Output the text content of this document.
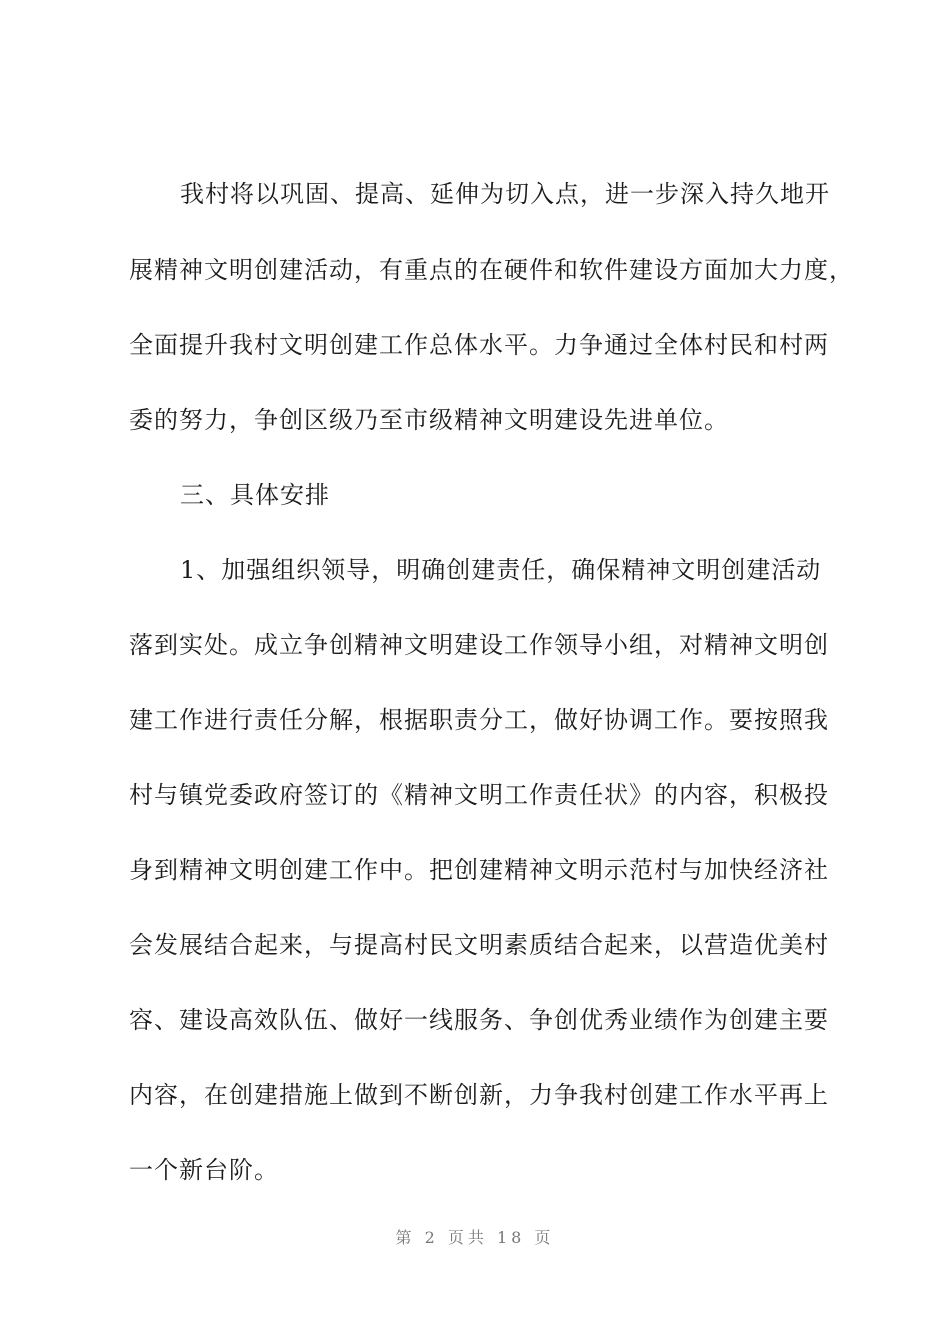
我村将以巩固、提高、延伸为切入点，进一步深入持久地开
展精神文明创建活动，有重点的在硬件和软件建设方面加大力度，
全面提升我村文明创建工作总体水平。力争通过全体村民和村两
委的努力，争创区级乃至市级精神文明建设先进单位。
三、具体安排
1、加强组织领导，明确创建责任，确保精神文明创建活动
落到实处。成立争创精神文明建设工作领导小组，对精神文明创
建工作进行责任分解，根据职责分工，做好协调工作。要按照我
村与镇党委政府签订的《精神文明工作责任状》的内容，积极投
身到精神文明创建工作中。把创建精神文明示范村与加快经济社
会发展结合起来，与提高村民文明素质结合起来，以营造优美村
容、建设高效队伍、做好一线服务、争创优秀业绩作为创建主要
内容，在创建措施上做到不断创新，力争我村创建工作水平再上
一个新台阶。
第 2 页共 18 页
